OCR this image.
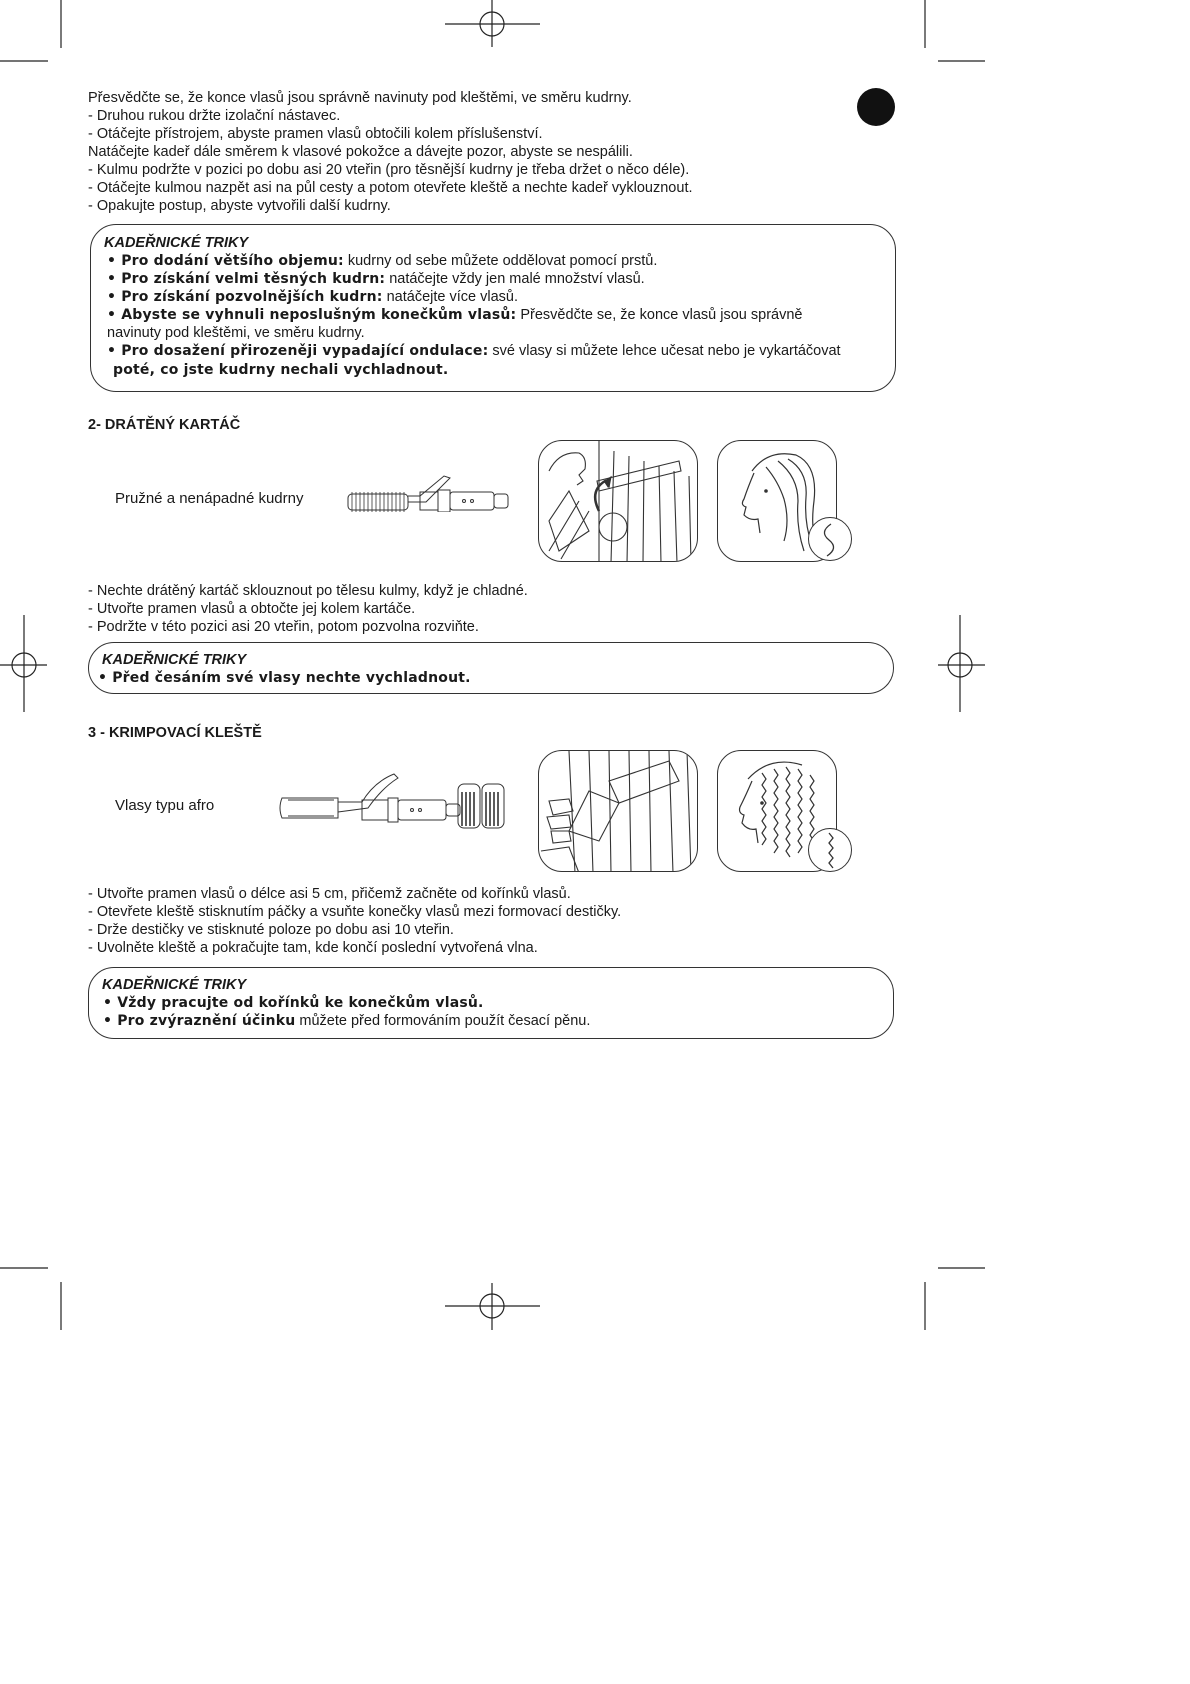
Přesvědčte se, že konce vlasů jsou správně navinuty pod kleštěmi, ve směru kudrny.
- Druhou rukou držte izolační nástavec.
- Otáčejte přístrojem, abyste pramen vlasů obtočili kolem příslušenství.
Natáčejte kadeř dále směrem k vlasové pokožce a dávejte pozor, abyste se nespálili.
- Kulmu podržte v pozici po dobu asi 20 vteřin (pro těsnější kudrny je třeba držet o něco déle).
- Otáčejte kulmou nazpět asi na půl cesty a potom otevřete kleště a nechte kadeř vyklouznout.
- Opakujte postup, abyste vytvořili další kudrny.
KADEŘNICKÉ TRIKY
• Pro dodání většího objemu: kudrny od sebe můžete oddělovat pomocí prstů.
• Pro získání velmi těsných kudrn: natáčejte vždy jen malé množství vlasů.
• Pro získání pozvolnějších kudrn: natáčejte více vlasů.
• Abyste se vyhnuli neposlušným konečkům vlasů: Přesvědčte se, že konce vlasů jsou správně
navinuty pod kleštěmi, ve směru kudrny.
• Pro dosažení přirozeněji vypadající ondulace: své vlasy si můžete lehce učesat nebo je vykartáčovat
poté, co jste kudrny nechali vychladnout.
2- DRÁTĚNÝ KARTÁČ
Pružné a nenápadné kudrny
- Nechte drátěný kartáč sklouznout po tělesu kulmy, když je chladné.
- Utvořte pramen vlasů a obtočte jej kolem kartáče.
- Podržte v této pozici asi 20 vteřin, potom pozvolna rozviňte.
KADEŘNICKÉ TRIKY
• Před česáním své vlasy nechte vychladnout.
3 - KRIMPOVACÍ KLEŠTĚ
Vlasy typu afro
- Utvořte pramen vlasů o délce asi 5 cm, přičemž začněte od kořínků vlasů.
- Otevřete kleště stisknutím páčky a vsuňte konečky vlasů mezi formovací destičky.
- Drže destičky ve stisknuté poloze po dobu asi 10 vteřin.
- Uvolněte kleště a pokračujte tam, kde končí poslední vytvořená vlna.
KADEŘNICKÉ TRIKY
• Vždy pracujte od kořínků ke konečkům vlasů.
• Pro zvýraznění účinku můžete před formováním použít česací pěnu.
